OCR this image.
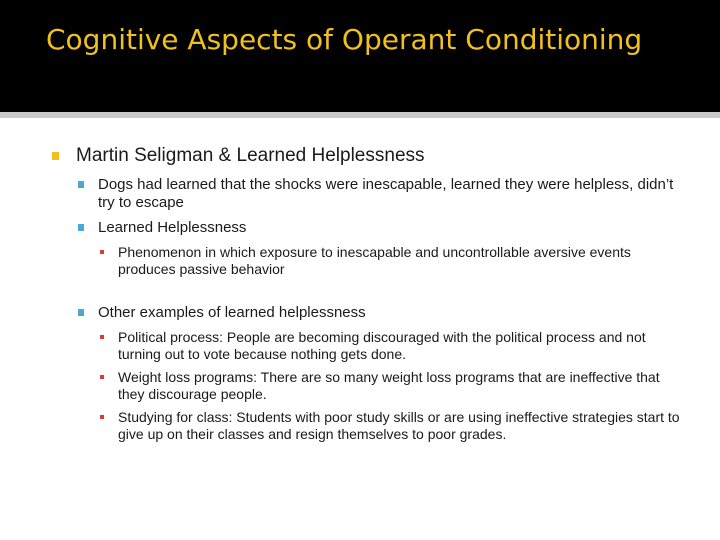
Cognitive Aspects of Operant Conditioning
Martin Seligman & Learned Helplessness
Dogs had learned that the shocks were inescapable, learned they were helpless, didn’t try to escape
Learned Helplessness
Phenomenon in which exposure to inescapable and uncontrollable aversive events produces passive behavior
Other examples of learned helplessness
Political process: People are becoming discouraged with the political process and not turning out to vote because nothing gets done.
Weight loss programs: There are so many weight loss programs that are ineffective that they discourage people.
Studying for class: Students with poor study skills or are using ineffective strategies start to give up on their classes and resign themselves to poor grades.
